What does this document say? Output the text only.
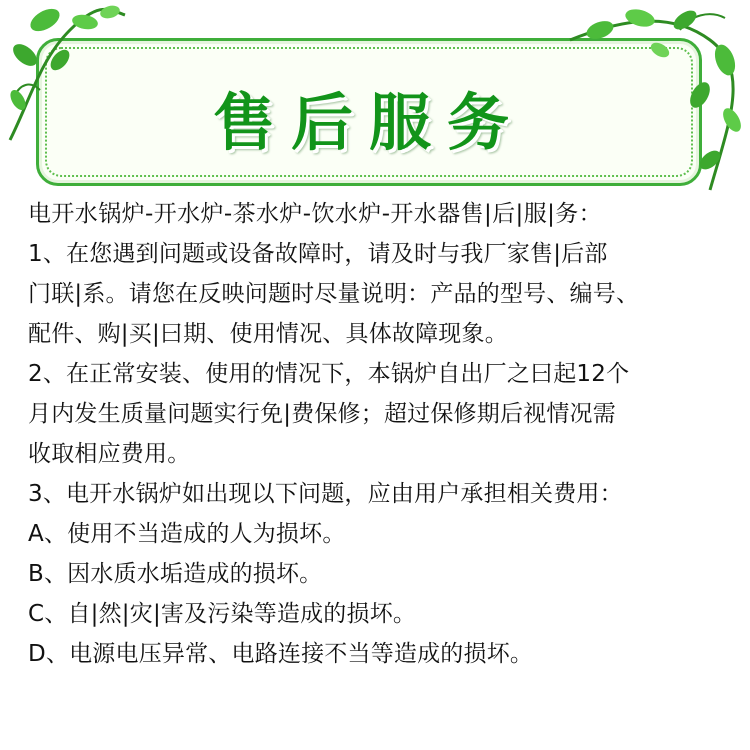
售后服务
电开水锅炉-开水炉-茶水炉-饮水炉-开水器售|后|服|务：
1、在您遇到问题或设备故障时，请及时与我厂家售|后部
门联|系。请您在反映问题时尽量说明：产品的型号、编号、
配件、购|买|曰期、使用情况、具体故障现象。
2、在正常安装、使用的情况下，本锅炉自出厂之曰起12个
月内发生质量问题实行免|费保修；超过保修期后视情况需
收取相应费用。
3、电开水锅炉如出现以下问题，应由用户承担相关费用：
A、使用不当造成的人为损坏。
B、因水质水垢造成的损坏。
C、自|然|灾|害及污染等造成的损坏。
D、电源电压异常、电路连接不当等造成的损坏。
